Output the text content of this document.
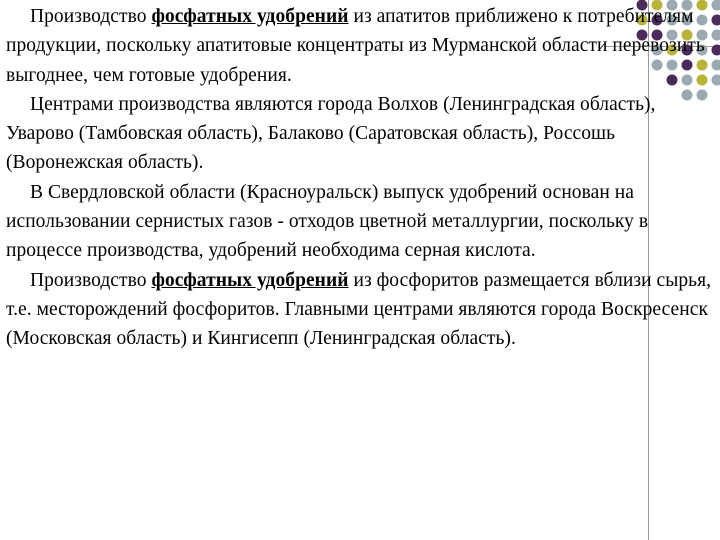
Производство фосфатных удобрений из апатитов приближено к потребителям продукции, поскольку апатитовые концентраты из Мурманской области перевозить выгоднее, чем готовые удобрения.

Центрами производства являются города Волхов (Ленинградская область), Уварово (Тамбовская область), Балаково (Саратовская область), Россошь (Воронежская область).

В Свердловской области (Красноуральск) выпуск удобрений основан на использовании сернистых газов - отходов цветной металлургии, поскольку в процессе производства, удобрений необходима серная кислота.

Производство фосфатных удобрений из фосфоритов размещается вблизи сырья, т.е. месторождений фосфоритов. Главными центрами являются города Воскресенск (Московская область) и Кингисепп (Ленинградская область).
